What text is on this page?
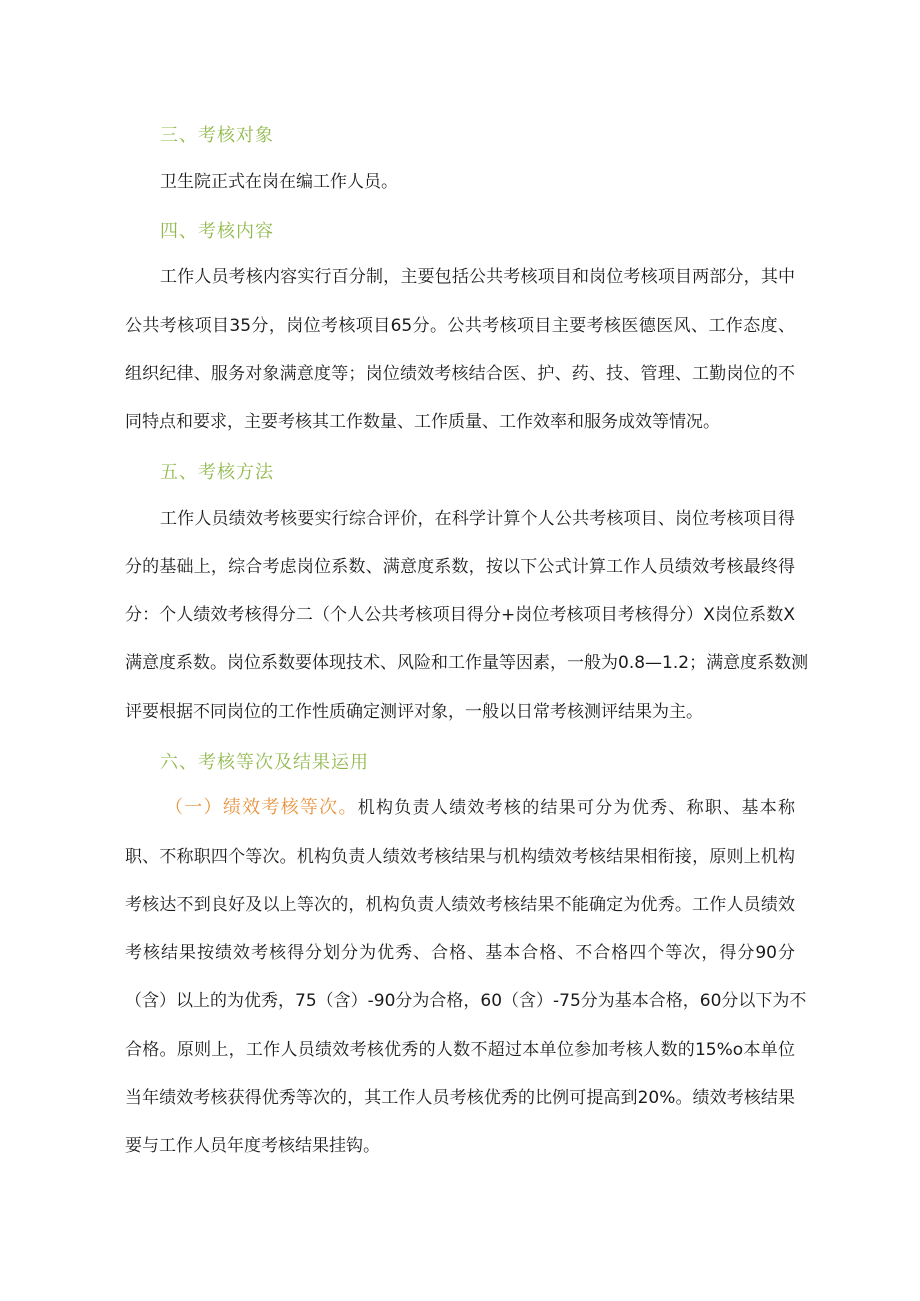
三、考核对象

卫生院正式在岗在编工作人员。

四、考核内容

工作人员考核内容实行百分制，主要包括公共考核项目和岗位考核项目两部分，其中

公共考核项目35分，岗位考核项目65分。公共考核项目主要考核医德医风、工作态度、

组织纪律、服务对象满意度等；岗位绩效考核结合医、护、药、技、管理、工勤岗位的不

同特点和要求，主要考核其工作数量、工作质量、工作效率和服务成效等情况。

五、考核方法

工作人员绩效考核要实行综合评价，在科学计算个人公共考核项目、岗位考核项目得

分的基础上，综合考虑岗位系数、满意度系数，按以下公式计算工作人员绩效考核最终得

分：个人绩效考核得分二（个人公共考核项目得分+岗位考核项目考核得分）X岗位系数X

满意度系数。岗位系数要体现技术、风险和工作量等因素，一般为0.8—1.2；满意度系数测

评要根据不同岗位的工作性质确定测评对象，一般以日常考核测评结果为主。

六、考核等次及结果运用

（一）绩效考核等次。机构负责人绩效考核的结果可分为优秀、称职、基本称

职、不称职四个等次。机构负责人绩效考核结果与机构绩效考核结果相衔接，原则上机构

考核达不到良好及以上等次的，机构负责人绩效考核结果不能确定为优秀。工作人员绩效

考核结果按绩效考核得分划分为优秀、合格、基本合格、不合格四个等次，得分90分

（含）以上的为优秀，75（含）-90分为合格，60（含）-75分为基本合格，60分以下为不

合格。原则上，工作人员绩效考核优秀的人数不超过本单位参加考核人数的15%o本单位

当年绩效考核获得优秀等次的，其工作人员考核优秀的比例可提高到20%。绩效考核结果

要与工作人员年度考核结果挂钩。
